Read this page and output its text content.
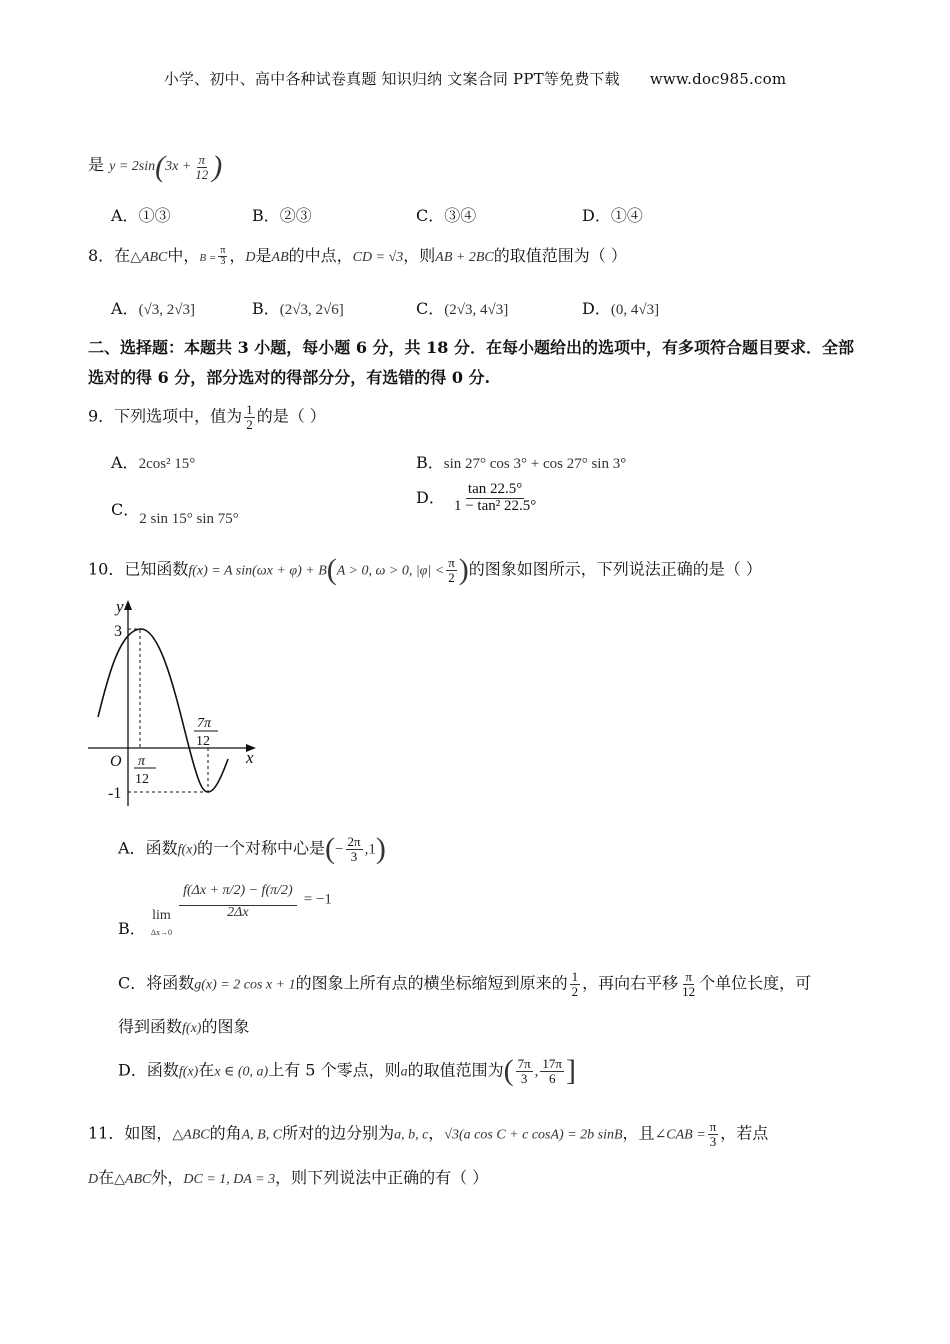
小学、初中、高中各种试卷真题 知识归纳 文案合同 PPT等免费下载 www.doc985.com
是 $y = 2\sin(3x + \frac{\pi}{12}$ )
A．①③	B．②③	C．③④	D．①④
8．在△ABC中，$B = \frac{\pi}{3}$ ，D是AB的中点，CD = √3，则AB + 2BC的取值范围为（ ）
A．(√3, 2√3]	B．(2√3, 2√6]	C．(2√3, 4√3]	D．(0, 4√3]
二、选择题：本题共 3 小题，每小题 6 分，共 18 分．在每小题给出的选项中，有多项符合题目要求．全部选对的得 6 分，部分选对的得部分分，有选错的得 0 分.
9．下列选项中，值为 $\frac{1}{2}$ 的是（ ）
A．2cos² 15°	B．sin 27° cos 3° + cos 27° sin 3°
C．2 sin 15° sin 75°
D． $\frac{\tan 22.5^\circ}{\text{1 − tan² 22.5°}}$
10．已知函数f(x) = A sin(ωx + φ) + B(A > 0, ω > 0, $|\varphi| < \frac{\pi}{2}$ )的图象如图所示，下列说法正确的是（ ）
y
x
O
3
-1
π
12
7π
12
A．函数f(x)的一个对称中心是(− $\frac{2\pi}{3} ,1$)
B． lim
Δx→0
$\frac{f(\Delta x + \pi/2) - f(\pi/2)}{2\Delta x} = -1$
C．将函数g(x) = 2 cos x + 1的图象上所有点的横坐标缩短到原来的 $\frac{1}{2}$ ，再向右平移 $\frac{\pi}{12}$ 个单位长度，可
得到函数f(x)的图象
D．函数f(x)在x ∈ (0, a)上有 5 个零点，则a的取值范围为( $\frac{7\pi}{3}$ , $\frac{17\pi}{6}$ ]
11．如图，△ABC的角A, B, C所对的边分别为a, b, c，√3(a cos C + c cosA) = 2b sinB，且∠CAB = $\frac{\pi}{3}$ ，若点
D在△ABC外，DC = 1, DA = 3，则下列说法中正确的有（ ）
